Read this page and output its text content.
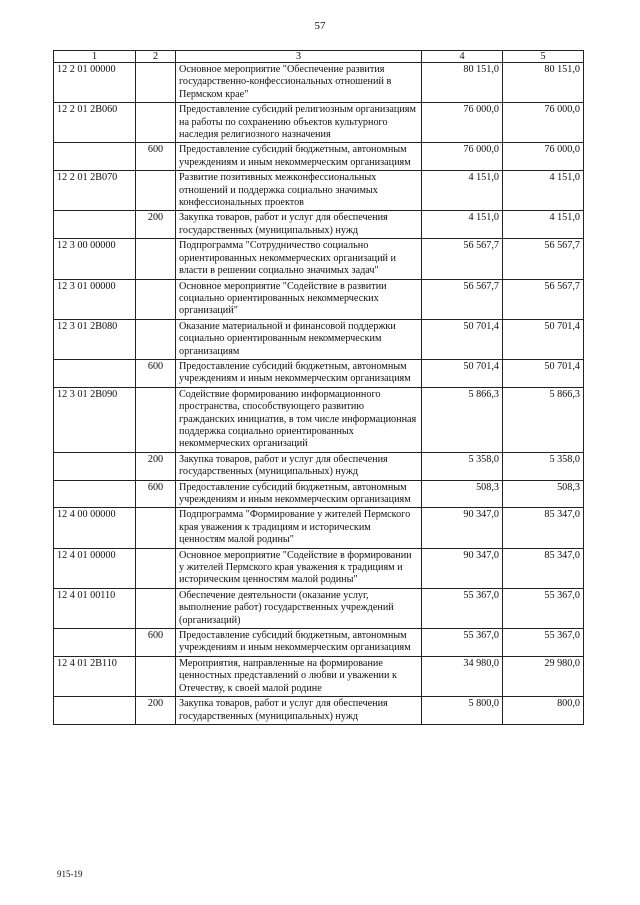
57
1	2	3	4	5
12 2 01 00000		Основное мероприятие "Обеспечение развития государственно-конфессиональных отношений в Пермском крае"	80 151,0	80 151,0
12 2 01 2В060		Предоставление субсидий религиозным организациям на работы по сохранению объектов культурного наследия религиозного назначения	76 000,0	76 000,0
	600	Предоставление субсидий бюджетным, автономным учреждениям и иным некоммерческим организациям	76 000,0	76 000,0
12 2 01 2В070		Развитие позитивных межконфессиональных отношений и поддержка социально значимых конфессиональных проектов	4 151,0	4 151,0
	200	Закупка товаров, работ и услуг для обеспечения государственных (муниципальных) нужд	4 151,0	4 151,0
12 3 00 00000		Подпрограмма "Сотрудничество социально ориентированных некоммерческих организаций и власти в решении социально значимых задач"	56 567,7	56 567,7
12 3 01 00000		Основное мероприятие "Содействие в развитии социально ориентированных некоммерческих организаций"	56 567,7	56 567,7
12 3 01 2В080		Оказание материальной и финансовой поддержки социально ориентированным некоммерческим организациям	50 701,4	50 701,4
	600	Предоставление субсидий бюджетным, автономным учреждениям и иным некоммерческим организациям	50 701,4	50 701,4
12 3 01 2В090		Содействие формированию информационного пространства, способствующего развитию гражданских инициатив, в том числе информационная поддержка социально ориентированных некоммерческих организаций	5 866,3	5 866,3
	200	Закупка товаров, работ и услуг для обеспечения государственных (муниципальных) нужд	5 358,0	5 358,0
	600	Предоставление субсидий бюджетным, автономным учреждениям и иным некоммерческим организациям	508,3	508,3
12 4 00 00000		Подпрограмма "Формирование у жителей Пермского края уважения к традициям и историческим ценностям малой родины"	90 347,0	85 347,0
12 4 01 00000		Основное мероприятие "Содействие в формировании у жителей Пермского края уважения к традициям и историческим ценностям малой родины"	90 347,0	85 347,0
12 4 01 00110		Обеспечение деятельности (оказание услуг, выполнение работ) государственных учреждений (организаций)	55 367,0	55 367,0
	600	Предоставление субсидий бюджетным, автономным учреждениям и иным некоммерческим организациям	55 367,0	55 367,0
12 4 01 2В110		Мероприятия, направленные на формирование ценностных представлений о любви и уважении к Отечеству, к своей малой родине	34 980,0	29 980,0
	200	Закупка товаров, работ и услуг для обеспечения государственных (муниципальных) нужд	5 800,0	800,0
915-19
